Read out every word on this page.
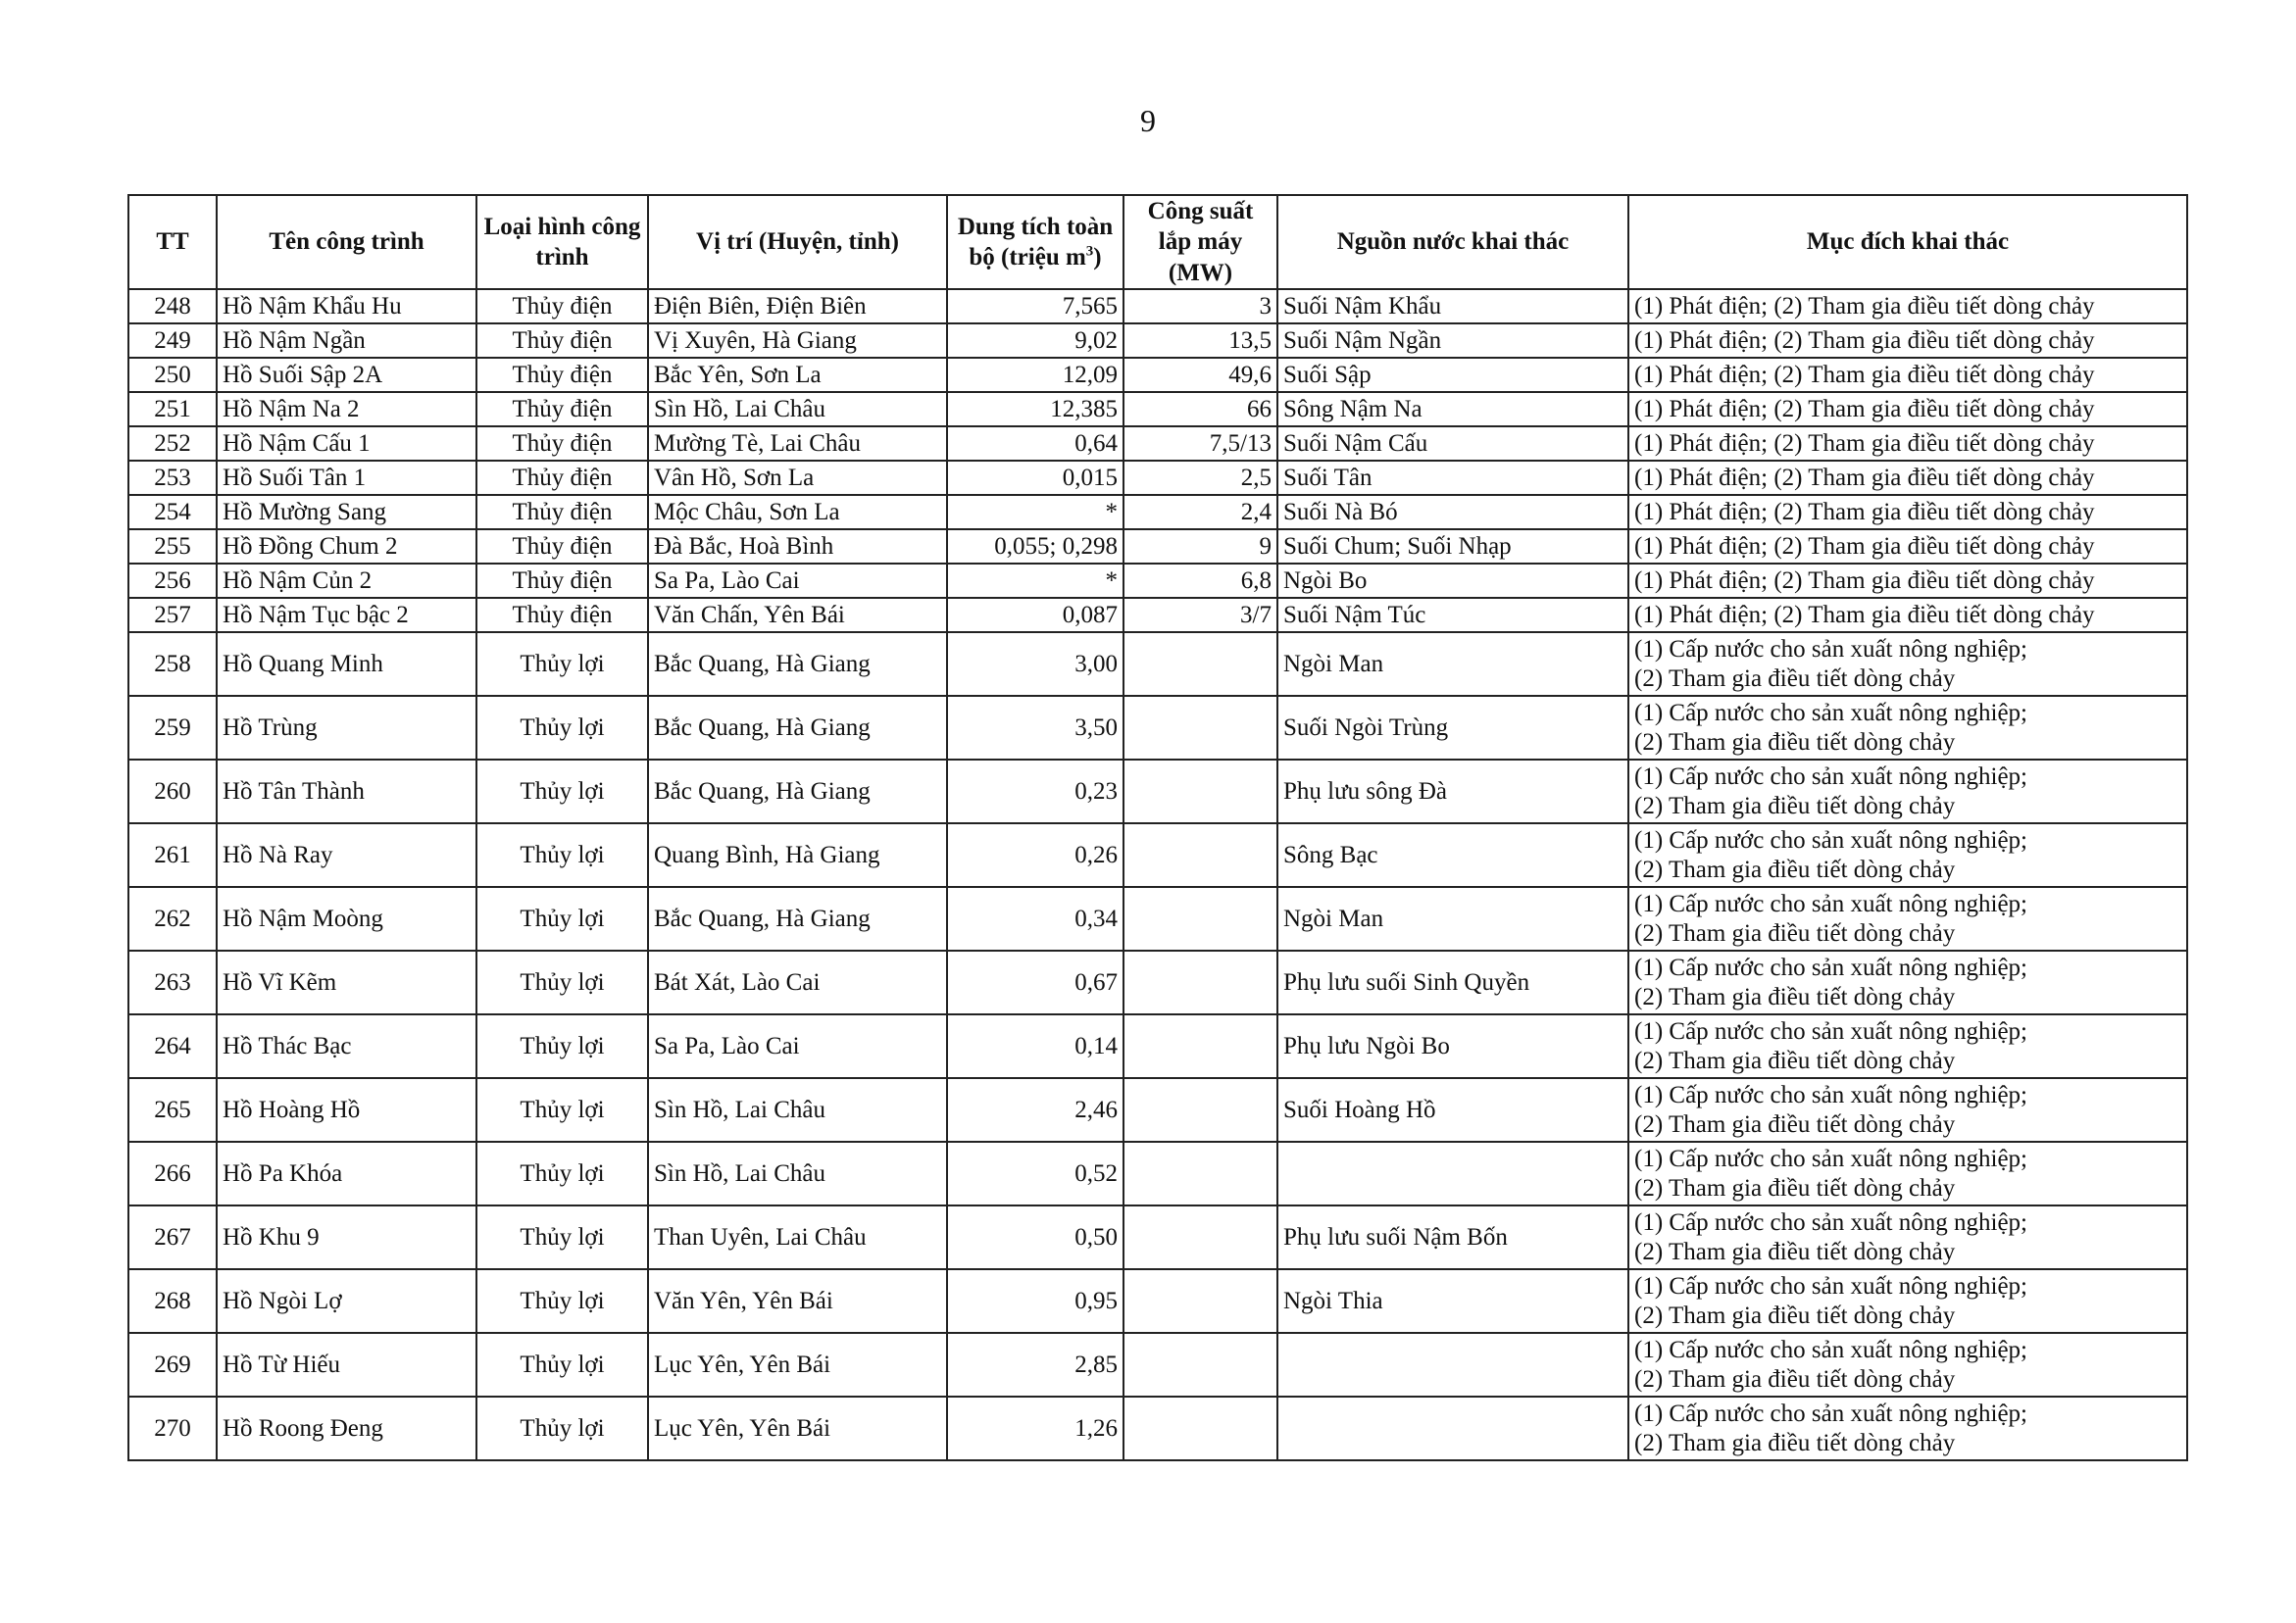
9
TT	Tên công trình	Loại hình công trình	Vị trí (Huyện, tỉnh)	Dung tích toàn bộ (triệu $m^3$)	Công suất lắp máy (MW)	Nguồn nước khai thác	Mục đích khai thác
248	Hồ Nậm Khẩu Hu	Thủy điện	Điện Biên, Điện Biên	7,565	3	Suối Nậm Khẩu	(1) Phát điện; (2) Tham gia điều tiết dòng chảy
249	Hồ Nậm Ngần	Thủy điện	Vị Xuyên, Hà Giang	9,02	13,5	Suối Nậm Ngần	(1) Phát điện; (2) Tham gia điều tiết dòng chảy
250	Hồ Suối Sập 2A	Thủy điện	Bắc Yên, Sơn La	12,09	49,6	Suối Sập	(1) Phát điện; (2) Tham gia điều tiết dòng chảy
251	Hồ Nậm Na 2	Thủy điện	Sìn Hồ, Lai Châu	12,385	66	Sông Nậm Na	(1) Phát điện; (2) Tham gia điều tiết dòng chảy
252	Hồ Nậm Cấu 1	Thủy điện	Mường Tè, Lai Châu	0,64	7,5/13	Suối Nậm Cấu	(1) Phát điện; (2) Tham gia điều tiết dòng chảy
253	Hồ Suối Tân 1	Thủy điện	Vân Hồ, Sơn La	0,015	2,5	Suối Tân	(1) Phát điện; (2) Tham gia điều tiết dòng chảy
254	Hồ Mường Sang	Thủy điện	Mộc Châu, Sơn La	*	2,4	Suối Nà Bó	(1) Phát điện; (2) Tham gia điều tiết dòng chảy
255	Hồ Đồng Chum 2	Thủy điện	Đà Bắc, Hoà Bình	0,055; 0,298	9	Suối Chum; Suối Nhạp	(1) Phát điện; (2) Tham gia điều tiết dòng chảy
256	Hồ Nậm Củn 2	Thủy điện	Sa Pa, Lào Cai	*	6,8	Ngòi Bo	(1) Phát điện; (2) Tham gia điều tiết dòng chảy
257	Hồ Nậm Tục bậc 2	Thủy điện	Văn Chấn, Yên Bái	0,087	3/7	Suối Nậm Túc	(1) Phát điện; (2) Tham gia điều tiết dòng chảy
258	Hồ Quang Minh	Thủy lợi	Bắc Quang, Hà Giang	3,00		Ngòi Man	(1) Cấp nước cho sản xuất nông nghiệp;
(2) Tham gia điều tiết dòng chảy

259	Hồ Trùng	Thủy lợi	Bắc Quang, Hà Giang	3,50		Suối Ngòi Trùng	(1) Cấp nước cho sản xuất nông nghiệp;
(2) Tham gia điều tiết dòng chảy

260	Hồ Tân Thành	Thủy lợi	Bắc Quang, Hà Giang	0,23		Phụ lưu sông Đà	(1) Cấp nước cho sản xuất nông nghiệp;
(2) Tham gia điều tiết dòng chảy

261	Hồ Nà Ray	Thủy lợi	Quang Bình, Hà Giang	0,26		Sông Bạc	(1) Cấp nước cho sản xuất nông nghiệp;
(2) Tham gia điều tiết dòng chảy

262	Hồ Nậm Moòng	Thủy lợi	Bắc Quang, Hà Giang	0,34		Ngòi Man	(1) Cấp nước cho sản xuất nông nghiệp;
(2) Tham gia điều tiết dòng chảy

263	Hồ Vĩ Kẽm	Thủy lợi	Bát Xát, Lào Cai	0,67		Phụ lưu suối Sinh Quyền	(1) Cấp nước cho sản xuất nông nghiệp;
(2) Tham gia điều tiết dòng chảy

264	Hồ Thác Bạc	Thủy lợi	Sa Pa, Lào Cai	0,14		Phụ lưu Ngòi Bo	(1) Cấp nước cho sản xuất nông nghiệp;
(2) Tham gia điều tiết dòng chảy

265	Hồ Hoàng Hồ	Thủy lợi	Sìn Hồ, Lai Châu	2,46		Suối Hoàng Hồ	(1) Cấp nước cho sản xuất nông nghiệp;
(2) Tham gia điều tiết dòng chảy

266	Hồ Pa Khóa	Thủy lợi	Sìn Hồ, Lai Châu	0,52			(1) Cấp nước cho sản xuất nông nghiệp;
(2) Tham gia điều tiết dòng chảy

267	Hồ Khu 9	Thủy lợi	Than Uyên, Lai Châu	0,50		Phụ lưu suối Nậm Bốn	(1) Cấp nước cho sản xuất nông nghiệp;
(2) Tham gia điều tiết dòng chảy

268	Hồ Ngòi Lợ	Thủy lợi	Văn Yên, Yên Bái	0,95		Ngòi Thia	(1) Cấp nước cho sản xuất nông nghiệp;
(2) Tham gia điều tiết dòng chảy

269	Hồ Từ Hiếu	Thủy lợi	Lục Yên, Yên Bái	2,85			(1) Cấp nước cho sản xuất nông nghiệp;
(2) Tham gia điều tiết dòng chảy

270	Hồ Roong Đeng	Thủy lợi	Lục Yên, Yên Bái	1,26			(1) Cấp nước cho sản xuất nông nghiệp;
(2) Tham gia điều tiết dòng chảy
